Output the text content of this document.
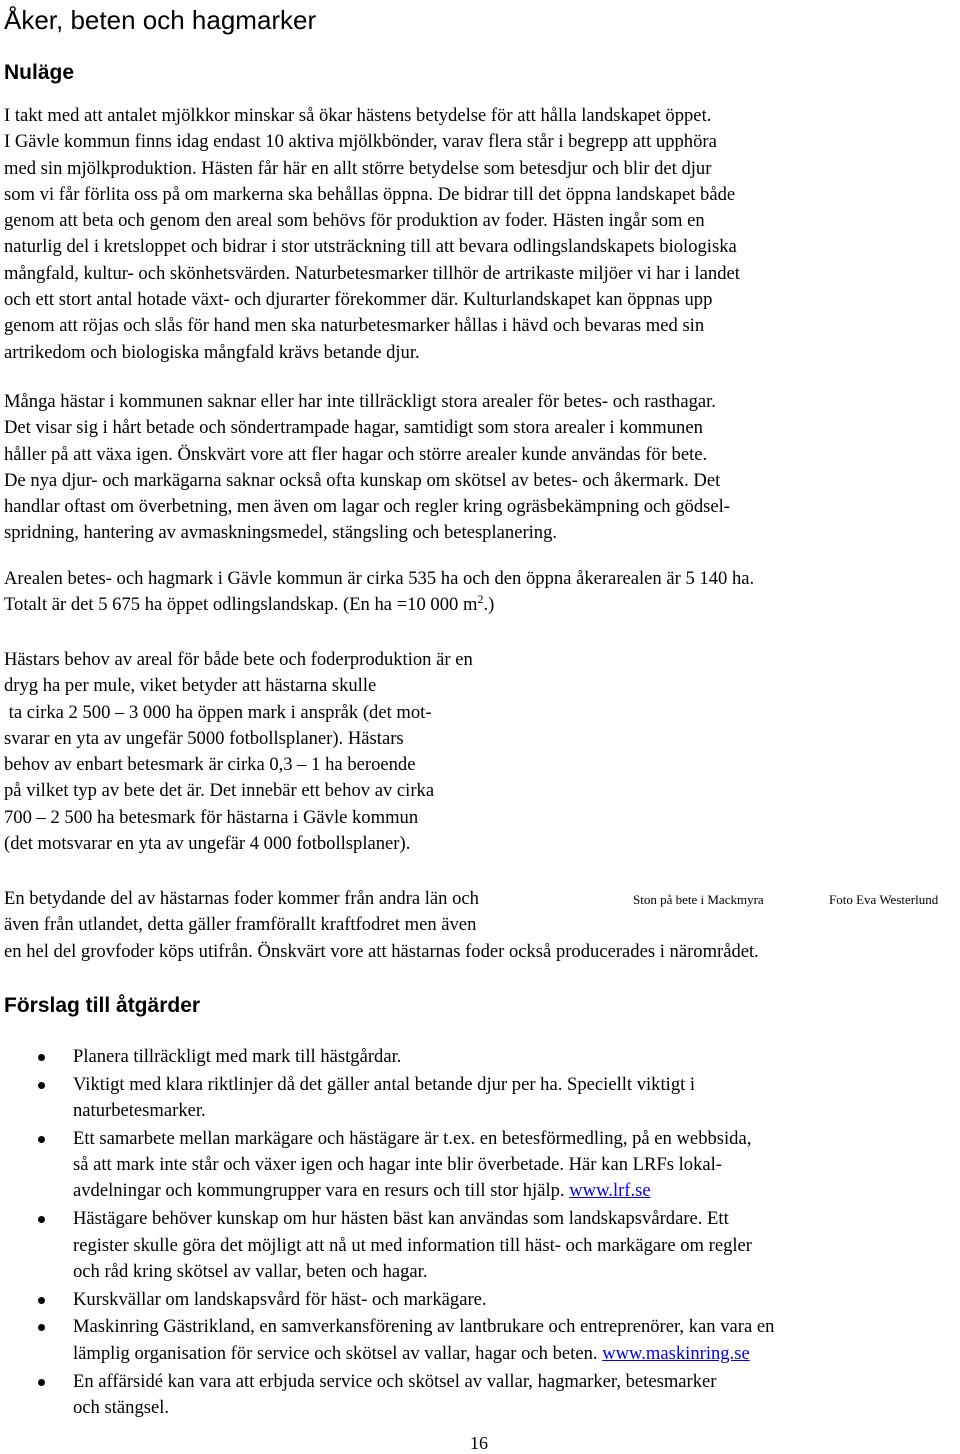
Åker, beten och hagmarker
Nuläge
I takt med att antalet mjölkkor minskar så ökar hästens betydelse för att hålla landskapet öppet.
I Gävle kommun finns idag endast 10 aktiva mjölkbönder, varav flera står i begrepp att upphöra
med sin mjölkproduktion. Hästen får här en allt större betydelse som betesdjur och blir det djur
som vi får förlita oss på om markerna ska behållas öppna. De bidrar till det öppna landskapet både
genom att beta och genom den areal som behövs för produktion av foder. Hästen ingår som en
naturlig del i kretsloppet och bidrar i stor utsträckning till att bevara odlingslandskapets biologiska
mångfald, kultur- och skönhetsvärden. Naturbetesmarker tillhör de artrikaste miljöer vi har i landet
och ett stort antal hotade växt- och djurarter förekommer där. Kulturlandskapet kan öppnas upp
genom att röjas och slås för hand men ska naturbetesmarker hållas i hävd och bevaras med sin
artrikedom och biologiska mångfald krävs betande djur.
Många hästar i kommunen saknar eller har inte tillräckligt stora arealer för betes- och rasthagar.
Det visar sig i hårt betade och söndertrampade hagar, samtidigt som stora arealer i kommunen
håller på att växa igen. Önskvärt vore att fler hagar och större arealer kunde användas för bete.
De nya djur- och markägarna saknar också ofta kunskap om skötsel av betes- och åkermark. Det
handlar oftast om överbetning, men även om lagar och regler kring ogräsbekämpning och gödsel-
spridning, hantering av avmaskningsmedel, stängsling och betesplanering.
Arealen betes- och hagmark i Gävle kommun är cirka 535 ha och den öppna åkerarealen är 5 140 ha.
Totalt är det 5 675 ha öppet odlingslandskap. (En ha =10 000 $m^2$.)
Hästars behov av areal för både bete och foderproduktion är en
dryg ha per mule, viket betyder att hästarna skulle
ta cirka 2 500 – 3 000 ha öppen mark i anspråk (det mot-
svarar en yta av ungefär 5000 fotbollsplaner). Hästars
behov av enbart betesmark är cirka 0,3 – 1 ha beroende
på vilket typ av bete det är. Det innebär ett behov av cirka
700 – 2 500 ha betesmark för hästarna i Gävle kommun
(det motsvarar en yta av ungefär 4 000 fotbollsplaner).
En betydande del av hästarnas foder kommer från andra län och
även från utlandet, detta gäller framförallt kraftfodret men även
en hel del grovfoder köps utifrån. Önskvärt vore att hästarnas foder också producerades i närområdet.
Ston på bete i Mackmyra	Foto Eva Westerlund
Förslag till åtgärder
Planera tillräckligt med mark till hästgårdar.
Viktigt med klara riktlinjer då det gäller antal betande djur per ha. Speciellt viktigt i
naturbetesmarker.
Ett samarbete mellan markägare och hästägare är t.ex. en betesförmedling, på en webbsida,
så att mark inte står och växer igen och hagar inte blir överbetade. Här kan LRFs lokal-
avdelningar och kommungrupper vara en resurs och till stor hjälp. www.lrf.se
Hästägare behöver kunskap om hur hästen bäst kan användas som landskapsvårdare. Ett
register skulle göra det möjligt att nå ut med information till häst- och markägare om regler
och råd kring skötsel av vallar, beten och hagar.
Kurskvällar om landskapsvård för häst- och markägare.
Maskinring Gästrikland, en samverkansförening av lantbrukare och entreprenörer, kan vara en
lämplig organisation för service och skötsel av vallar, hagar och beten. www.maskinring.se
En affärsidé kan vara att erbjuda service och skötsel av vallar, hagmarker, betesmarker
och stängsel.
16
